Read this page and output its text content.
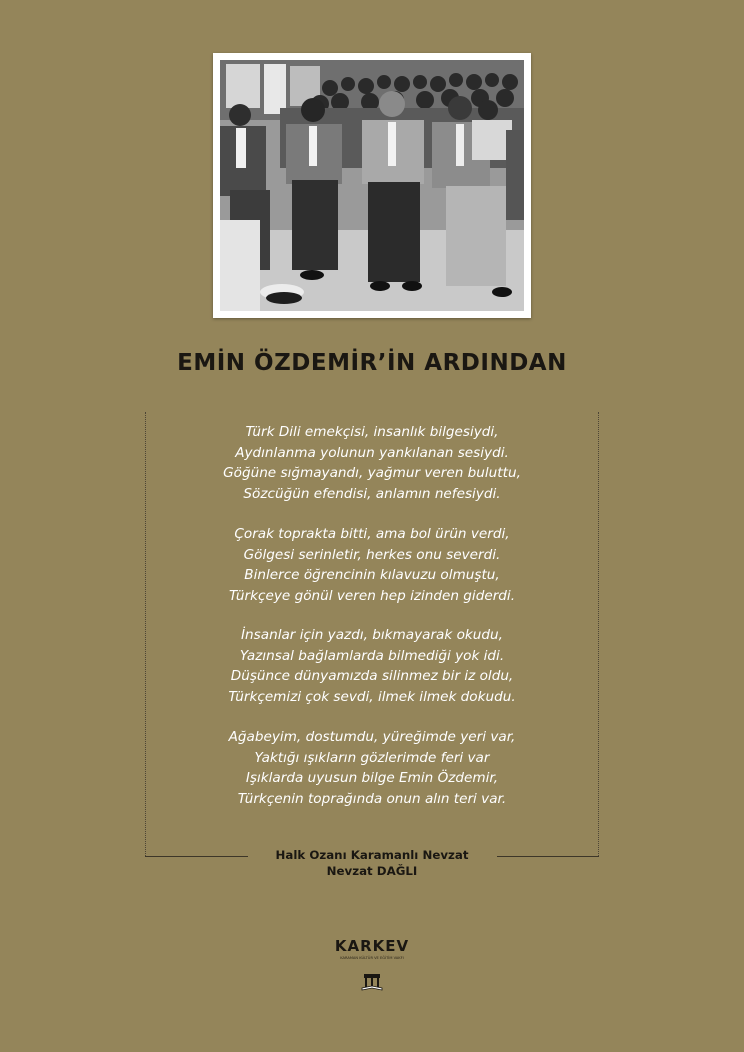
EMİN ÖZDEMİR’İN ARDINDAN
Türk Dili emekçisi, insanlık bilgesiydi,
Aydınlanma yolunun yankılanan sesiydi.
Göğüne sığmayandı, yağmur veren buluttu,
Sözcüğün efendisi, anlamın nefesiydi.
Çorak toprakta bitti, ama bol ürün verdi,
Gölgesi serinletir, herkes onu severdi.
Binlerce öğrencinin kılavuzu olmuştu,
Türkçeye gönül veren hep izinden giderdi.
İnsanlar için yazdı, bıkmayarak okudu,
Yazınsal bağlamlarda bilmediği yok idi.
Düşünce dünyamızda silinmez bir iz oldu,
Türkçemizi çok sevdi, ilmek ilmek dokudu.
Ağabeyim, dostumdu, yüreğimde yeri var,
Yaktığı ışıkların gözlerimde feri var
Işıklarda uyusun bilge Emin Özdemir,
Türkçenin toprağında onun alın teri var.
Halk Ozanı Karamanlı Nevzat
Nevzat DAĞLI
KARKEV
KARAMAN KÜLTÜR VE EĞİTİM VAKFI
